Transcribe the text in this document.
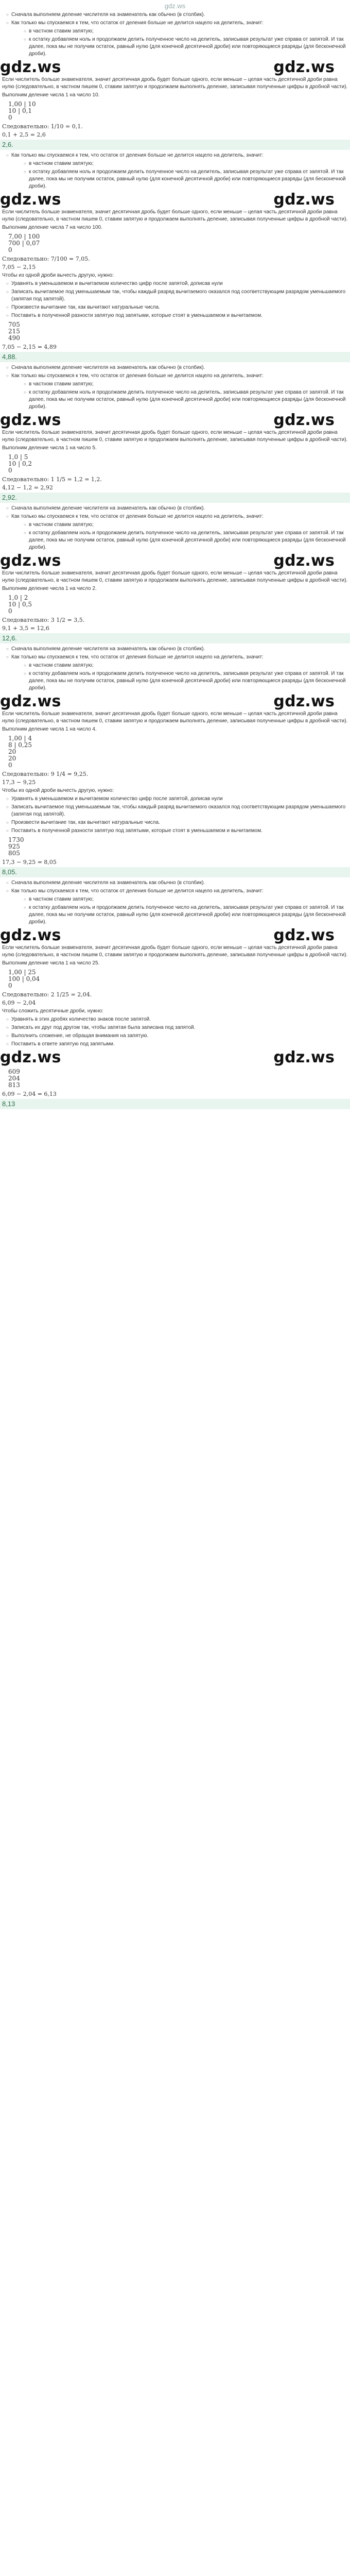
gdz.ws
○ Сначала выполняем деление числителя на знаменатель как обычно (в столбик).
○ Как только мы спускаемся к тем, что остаток от деления больше не делится нацело на делитель, значит:
○ в частном ставим запятую;
○ к остатку добавляем ноль и продолжаем делить полученное число на делитель, записывая результат уже справа от запятой. И так далее, пока мы не получим остаток, равный нулю (для конечной десятичной дроби) или повторяющиеся разряды (для бесконечной дроби).
gdz.ws	gdz.ws
Если числитель больше знаменателя, значит десятичная дробь будет больше одного, если меньше – целая часть десятичной дроби равна нулю (следовательно, в частном пишем 0, ставим запятую и продолжаем выполнять деление, записывая полученные цифры в дробной части).
Выполним деление числа 1 на число 10.
1,00 | 10
10 | 0,1
0
Следовательно: 1/10 = 0,1.
0,1 + 2,5 = 2,6
2,6.
○ Как только мы спускаемся к тем, что остаток от деления больше не делится нацело на делитель, значит:
○ в частном ставим запятую;
○ к остатку добавляем ноль и продолжаем делить полученное число на делитель, записывая результат уже справа от запятой. И так далее, пока мы не получим остаток, равный нулю (для конечной десятичной дроби) или повторяющиеся разряды (для бесконечной дроби).
gdz.ws	gdz.ws
Если числитель больше знаменателя, значит десятичная дробь будет больше одного, если меньше – целая часть десятичной дроби равна нулю (следовательно, в частном пишем 0, ставим запятую и продолжаем выполнять деление, записывая полученные цифры в дробной части).
Выполним деление числа 7 на число 100.
7,00 | 100
700 | 0,07
0
Следовательно: 7/100 = 7,05.
7,05 − 2,15
Чтобы из одной дроби вычесть другую, нужно:
○ Уравнять в уменьшаемом и вычитаемом количество цифр после запятой, дописав нули
○ Записать вычитаемое под уменьшаемым так, чтобы каждый разряд вычитаемого оказался под соответствующим разрядом уменьшаемого (запятая под запятой).
○ Произвести вычитание так, как вычитают натуральные числа.
○ Поставить в полученной разности запятую под запятыми, которые стоят в уменьшаемом и вычитаемом.
705
215
490
7,05 − 2,15 = 4,89
4,88.
○ Сначала выполняем деление числителя на знаменатель как обычно (в столбик).
○ Как только мы спускаемся к тем, что остаток от деления больше не делится нацело на делитель, значит:
○ в частном ставим запятую;
○ к остатку добавляем ноль и продолжаем делить полученное число на делитель, записывая результат уже справа от запятой. И так далее, пока мы не получим остаток, равный нулю (для конечной десятичной дроби) или повторяющиеся разряды (для бесконечной дроби).
gdz.ws	gdz.ws
Если числитель больше знаменателя, значит десятичная дробь будет больше одного, если меньше – целая часть десятичной дроби равна нулю (следовательно, в частном пишем 0, ставим запятую и продолжаем выполнять деление, записывая полученные цифры в дробной части).
Выполним деление числа 1 на число 5.
1,0 | 5
10 | 0,2
0
Следовательно: 1 1/5 = 1,2 = 1,2.
4,12 − 1,2 = 2,92
2,92.
○ Сначала выполняем деление числителя на знаменатель как обычно (в столбик).
○ Как только мы спускаемся к тем, что остаток от деления больше не делится нацело на делитель, значит:
○ в частном ставим запятую;
○ к остатку добавляем ноль и продолжаем делить полученное число на делитель, записывая результат уже справа от запятой. И так далее, пока мы не получим остаток, равный нулю (для конечной десятичной дроби) или повторяющиеся разряды (для бесконечной дроби).
gdz.ws	gdz.ws
Если числитель больше знаменателя, значит десятичная дробь будет больше одного, если меньше – целая часть десятичной дроби равна нулю (следовательно, в частном пишем 0, ставим запятую и продолжаем выполнять деление, записывая полученные цифры в дробной части).
Выполним деление числа 1 на число 2.
1,0 | 2
10 | 0,5
0
Следовательно: 3 1/2 = 3,5.
9,1 + 3,5 = 12,6
12,6.
○ Сначала выполняем деление числителя на знаменатель как обычно (в столбик).
○ Как только мы спускаемся к тем, что остаток от деления больше не делится нацело на делитель, значит:
○ в частном ставим запятую;
○ к остатку добавляем ноль и продолжаем делить полученное число на делитель, записывая результат уже справа от запятой. И так далее, пока мы не получим остаток, равный нулю (для конечной десятичной дроби) или повторяющиеся разряды (для бесконечной дроби).
gdz.ws	gdz.ws
Если числитель больше знаменателя, значит десятичная дробь будет больше одного, если меньше – целая часть десятичной дроби равна нулю (следовательно, в частном пишем 0, ставим запятую и продолжаем выполнять деление, записывая полученные цифры в дробной части).
Выполним деление числа 1 на число 4.
1,00 | 4
8 | 0,25
20
20
0
Следовательно: 9 1/4 = 9,25.
17,3 − 9,25
Чтобы из одной дроби вычесть другую, нужно:
○ Уравнять в уменьшаемом и вычитаемом количество цифр после запятой, дописав нули
○ Записать вычитаемое под уменьшаемым так, чтобы каждый разряд вычитаемого оказался под соответствующим разрядом уменьшаемого (запятая под запятой).
○ Произвести вычитание так, как вычитают натуральные числа.
○ Поставить в полученной разности запятую под запятыми, которые стоят в уменьшаемом и вычитаемом.
1730
925
805
17,3 − 9,25 = 8,05
8,05.
○ Сначала выполняем деление числителя на знаменатель как обычно (в столбик).
○ Как только мы спускаемся к тем, что остаток от деления больше не делится нацело на делитель, значит:
○ в частном ставим запятую;
○ к остатку добавляем ноль и продолжаем делить полученное число на делитель, записывая результат уже справа от запятой. И так далее, пока мы не получим остаток, равный нулю (для конечной десятичной дроби) или повторяющиеся разряды (для бесконечной дроби).
gdz.ws	gdz.ws
Если числитель больше знаменателя, значит десятичная дробь будет больше одного, если меньше – целая часть десятичной дроби равна нулю (следовательно, в частном пишем 0, ставим запятую и продолжаем выполнять деление, записывая полученные цифры в дробной части).
Выполним деление числа 1 на число 25.
1,00 | 25
100 | 0,04
0
Следовательно: 2 1/25 = 2,04.
6,09 − 2,04
Чтобы сложить десятичные дроби, нужно:
○ Уравнять в этих дробях количество знаков после запятой.
○ Записать их друг под другом так, чтобы запятая была записана под запятой.
○ Выполнить сложение, не обращая внимания на запятую.
○ Поставить в ответе запятую под запятыми.
gdz.ws	gdz.ws
609
204
813
6,09 − 2,04 = 6,13
8,13
